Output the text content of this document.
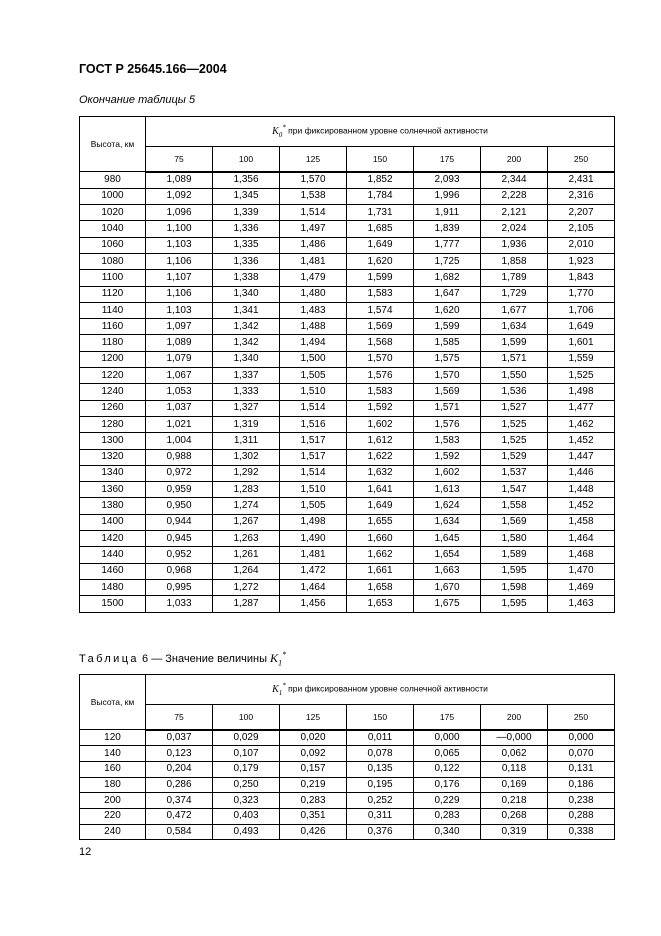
ГОСТ Р 25645.166—2004
Окончание таблицы 5
Высота, км	$K_0^*$ при фиксированном уровне солнечной активности						
	75	100	125	150	175	200	250
980	1,089	1,356	1,570	1,852	2,093	2,344	2,431
1000	1,092	1,345	1,538	1,784	1,996	2,228	2,316
1020	1,096	1,339	1,514	1,731	1,911	2,121	2,207
1040	1,100	1,336	1,497	1,685	1,839	2,024	2,105
1060	1,103	1,335	1,486	1,649	1,777	1,936	2,010
1080	1,106	1,336	1,481	1,620	1,725	1,858	1,923
1100	1,107	1,338	1,479	1,599	1,682	1,789	1,843
1120	1,106	1,340	1,480	1,583	1,647	1,729	1,770
1140	1,103	1,341	1,483	1,574	1,620	1,677	1,706
1160	1,097	1,342	1,488	1,569	1,599	1,634	1,649
1180	1,089	1,342	1,494	1,568	1,585	1,599	1,601
1200	1,079	1,340	1,500	1,570	1,575	1,571	1,559
1220	1,067	1,337	1,505	1,576	1,570	1,550	1,525
1240	1,053	1,333	1,510	1,583	1,569	1,536	1,498
1260	1,037	1,327	1,514	1,592	1,571	1,527	1,477
1280	1,021	1,319	1,516	1,602	1,576	1,525	1,462
1300	1,004	1,311	1,517	1,612	1,583	1,525	1,452
1320	0,988	1,302	1,517	1,622	1,592	1,529	1,447
1340	0,972	1,292	1,514	1,632	1,602	1,537	1,446
1360	0,959	1,283	1,510	1,641	1,613	1,547	1,448
1380	0,950	1,274	1,505	1,649	1,624	1,558	1,452
1400	0,944	1,267	1,498	1,655	1,634	1,569	1,458
1420	0,945	1,263	1,490	1,660	1,645	1,580	1,464
1440	0,952	1,261	1,481	1,662	1,654	1,589	1,468
1460	0,968	1,264	1,472	1,661	1,663	1,595	1,470
1480	0,995	1,272	1,464	1,658	1,670	1,598	1,469
1500	1,033	1,287	1,456	1,653	1,675	1,595	1,463
Таблица 6 — Значение величины $K_1^*$
Высота, км	$K_1^*$ при фиксированном уровне солнечной активности						
	75	100	125	150	175	200	250
120	0,037	0,029	0,020	0,011	0,000	—0,000	0,000
140	0,123	0,107	0,092	0,078	0,065	0,062	0,070
160	0,204	0,179	0,157	0,135	0,122	0,118	0,131
180	0,286	0,250	0,219	0,195	0,176	0,169	0,186
200	0,374	0,323	0,283	0,252	0,229	0,218	0,238
220	0,472	0,403	0,351	0,311	0,283	0,268	0,288
240	0,584	0,493	0,426	0,376	0,340	0,319	0,338
12
